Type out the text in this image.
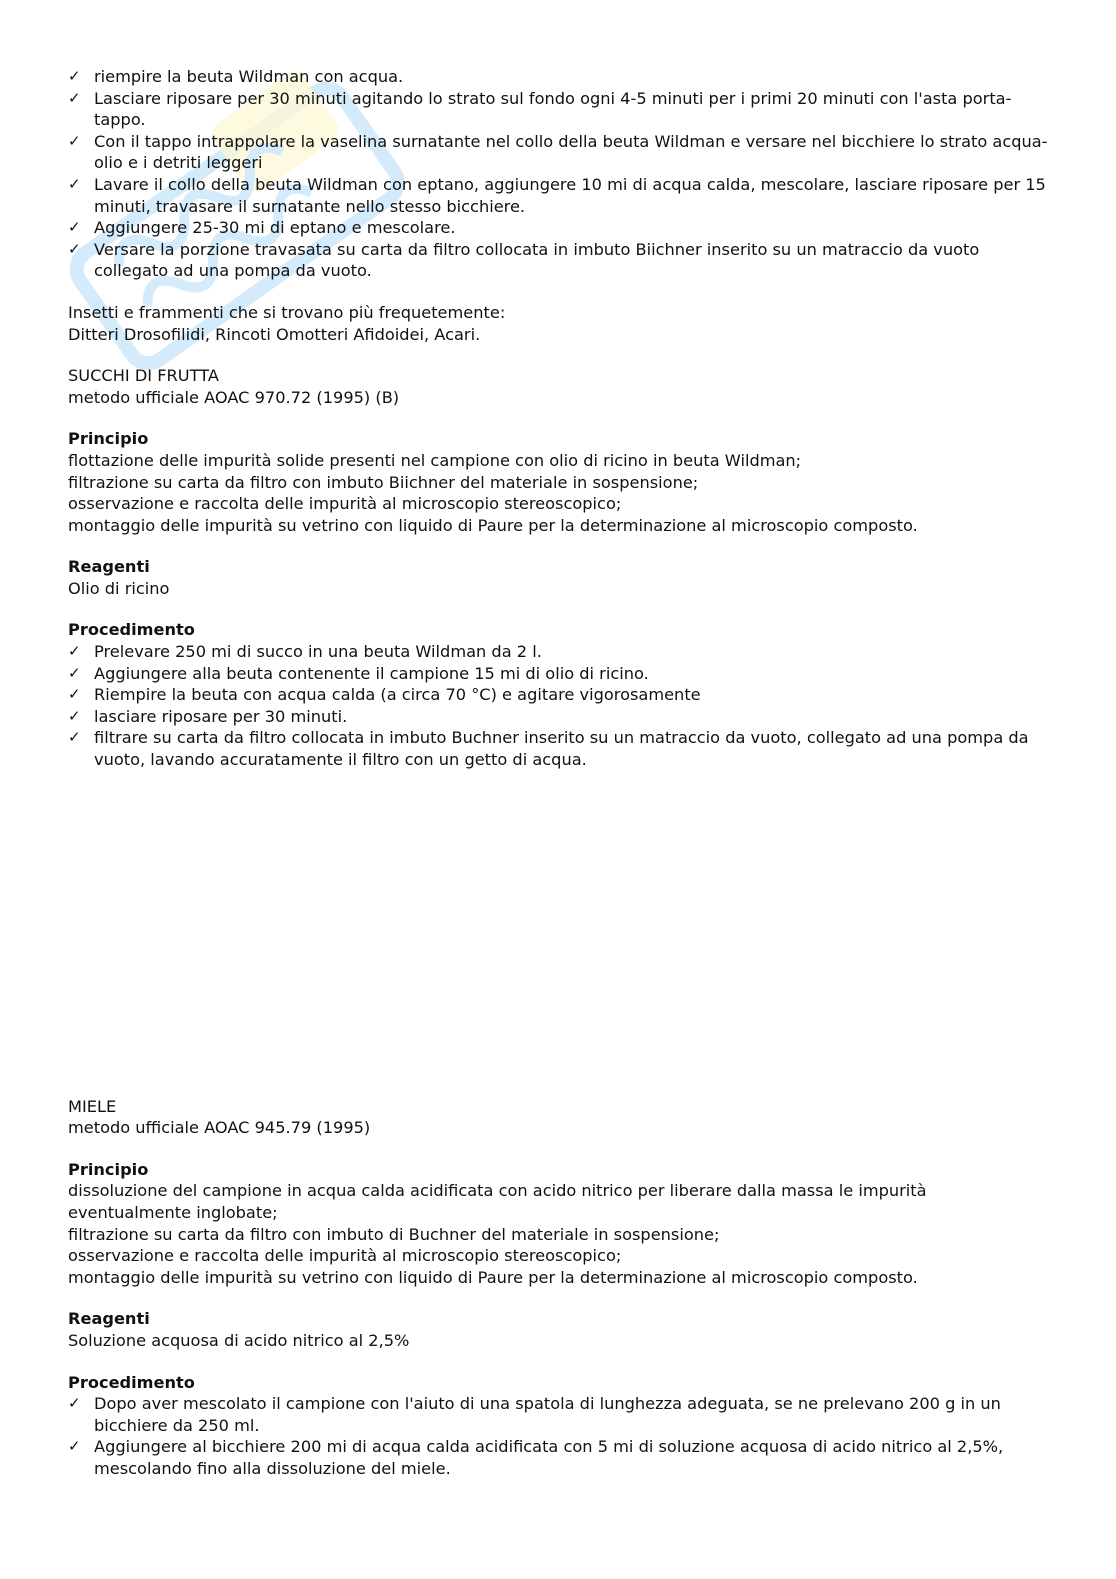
✓ riempire la beuta Wildman con acqua.
✓ Lasciare riposare per 30 minuti agitando lo strato sul fondo ogni 4-5 minuti per i primi 20 minuti con l'asta porta-tappo.
✓ Con il tappo intrappolare la vaselina surnatante nel collo della beuta Wildman e versare nel bicchiere lo strato acqua-olio e i detriti leggeri
✓ Lavare il collo della beuta Wildman con eptano, aggiungere 10 mi di acqua calda, mescolare, lasciare riposare per 15 minuti, travasare il surnatante nello stesso bicchiere.
✓ Aggiungere 25-30 mi di eptano e mescolare.
✓ Versare la porzione travasata su carta da filtro collocata in imbuto Biichner inserito su un matraccio da vuoto collegato ad una pompa da vuoto.

Insetti e frammenti che si trovano più frequetemente:

Ditteri Drosofilidi, Rincoti Omotteri Afidoidei, Acari.

SUCCHI DI FRUTTA

metodo ufficiale AOAC 970.72 (1995) (B)

Principio

flottazione delle impurità solide presenti nel campione con olio di ricino in beuta Wildman;

filtrazione su carta da filtro con imbuto Biichner del materiale in sospensione;

osservazione e raccolta delle impurità al microscopio stereoscopico;

montaggio delle impurità su vetrino con liquido di Paure per la determinazione al microscopio composto.

Reagenti

Olio di ricino

Procedimento

✓ Prelevare 250 mi di succo in una beuta Wildman da 2 l.
✓ Aggiungere alla beuta contenente il campione 15 mi di olio di ricino.
✓ Riempire la beuta con acqua calda (a circa 70 °C) e agitare vigorosamente
✓ lasciare riposare per 30 minuti.
✓ filtrare su carta da filtro collocata in imbuto Buchner inserito su un matraccio da vuoto, collegato ad una pompa da vuoto, lavando accuratamente il filtro con un getto di acqua.

MIELE

metodo ufficiale AOAC 945.79 (1995)

Principio

dissoluzione del campione in acqua calda acidificata con acido nitrico per liberare dalla massa le impurità eventualmente inglobate;

filtrazione su carta da filtro con imbuto di Buchner del materiale in sospensione;

osservazione e raccolta delle impurità al microscopio stereoscopico;

montaggio delle impurità su vetrino con liquido di Paure per la determinazione al microscopio composto.

Reagenti

Soluzione acquosa di acido nitrico al 2,5%

Procedimento

✓ Dopo aver mescolato il campione con l'aiuto di una spatola di lunghezza adeguata, se ne prelevano 200 g in un bicchiere da 250 ml.
✓ Aggiungere al bicchiere 200 mi di acqua calda acidificata con 5 mi di soluzione acquosa di acido nitrico al 2,5%, mescolando fino alla dissoluzione del miele.
